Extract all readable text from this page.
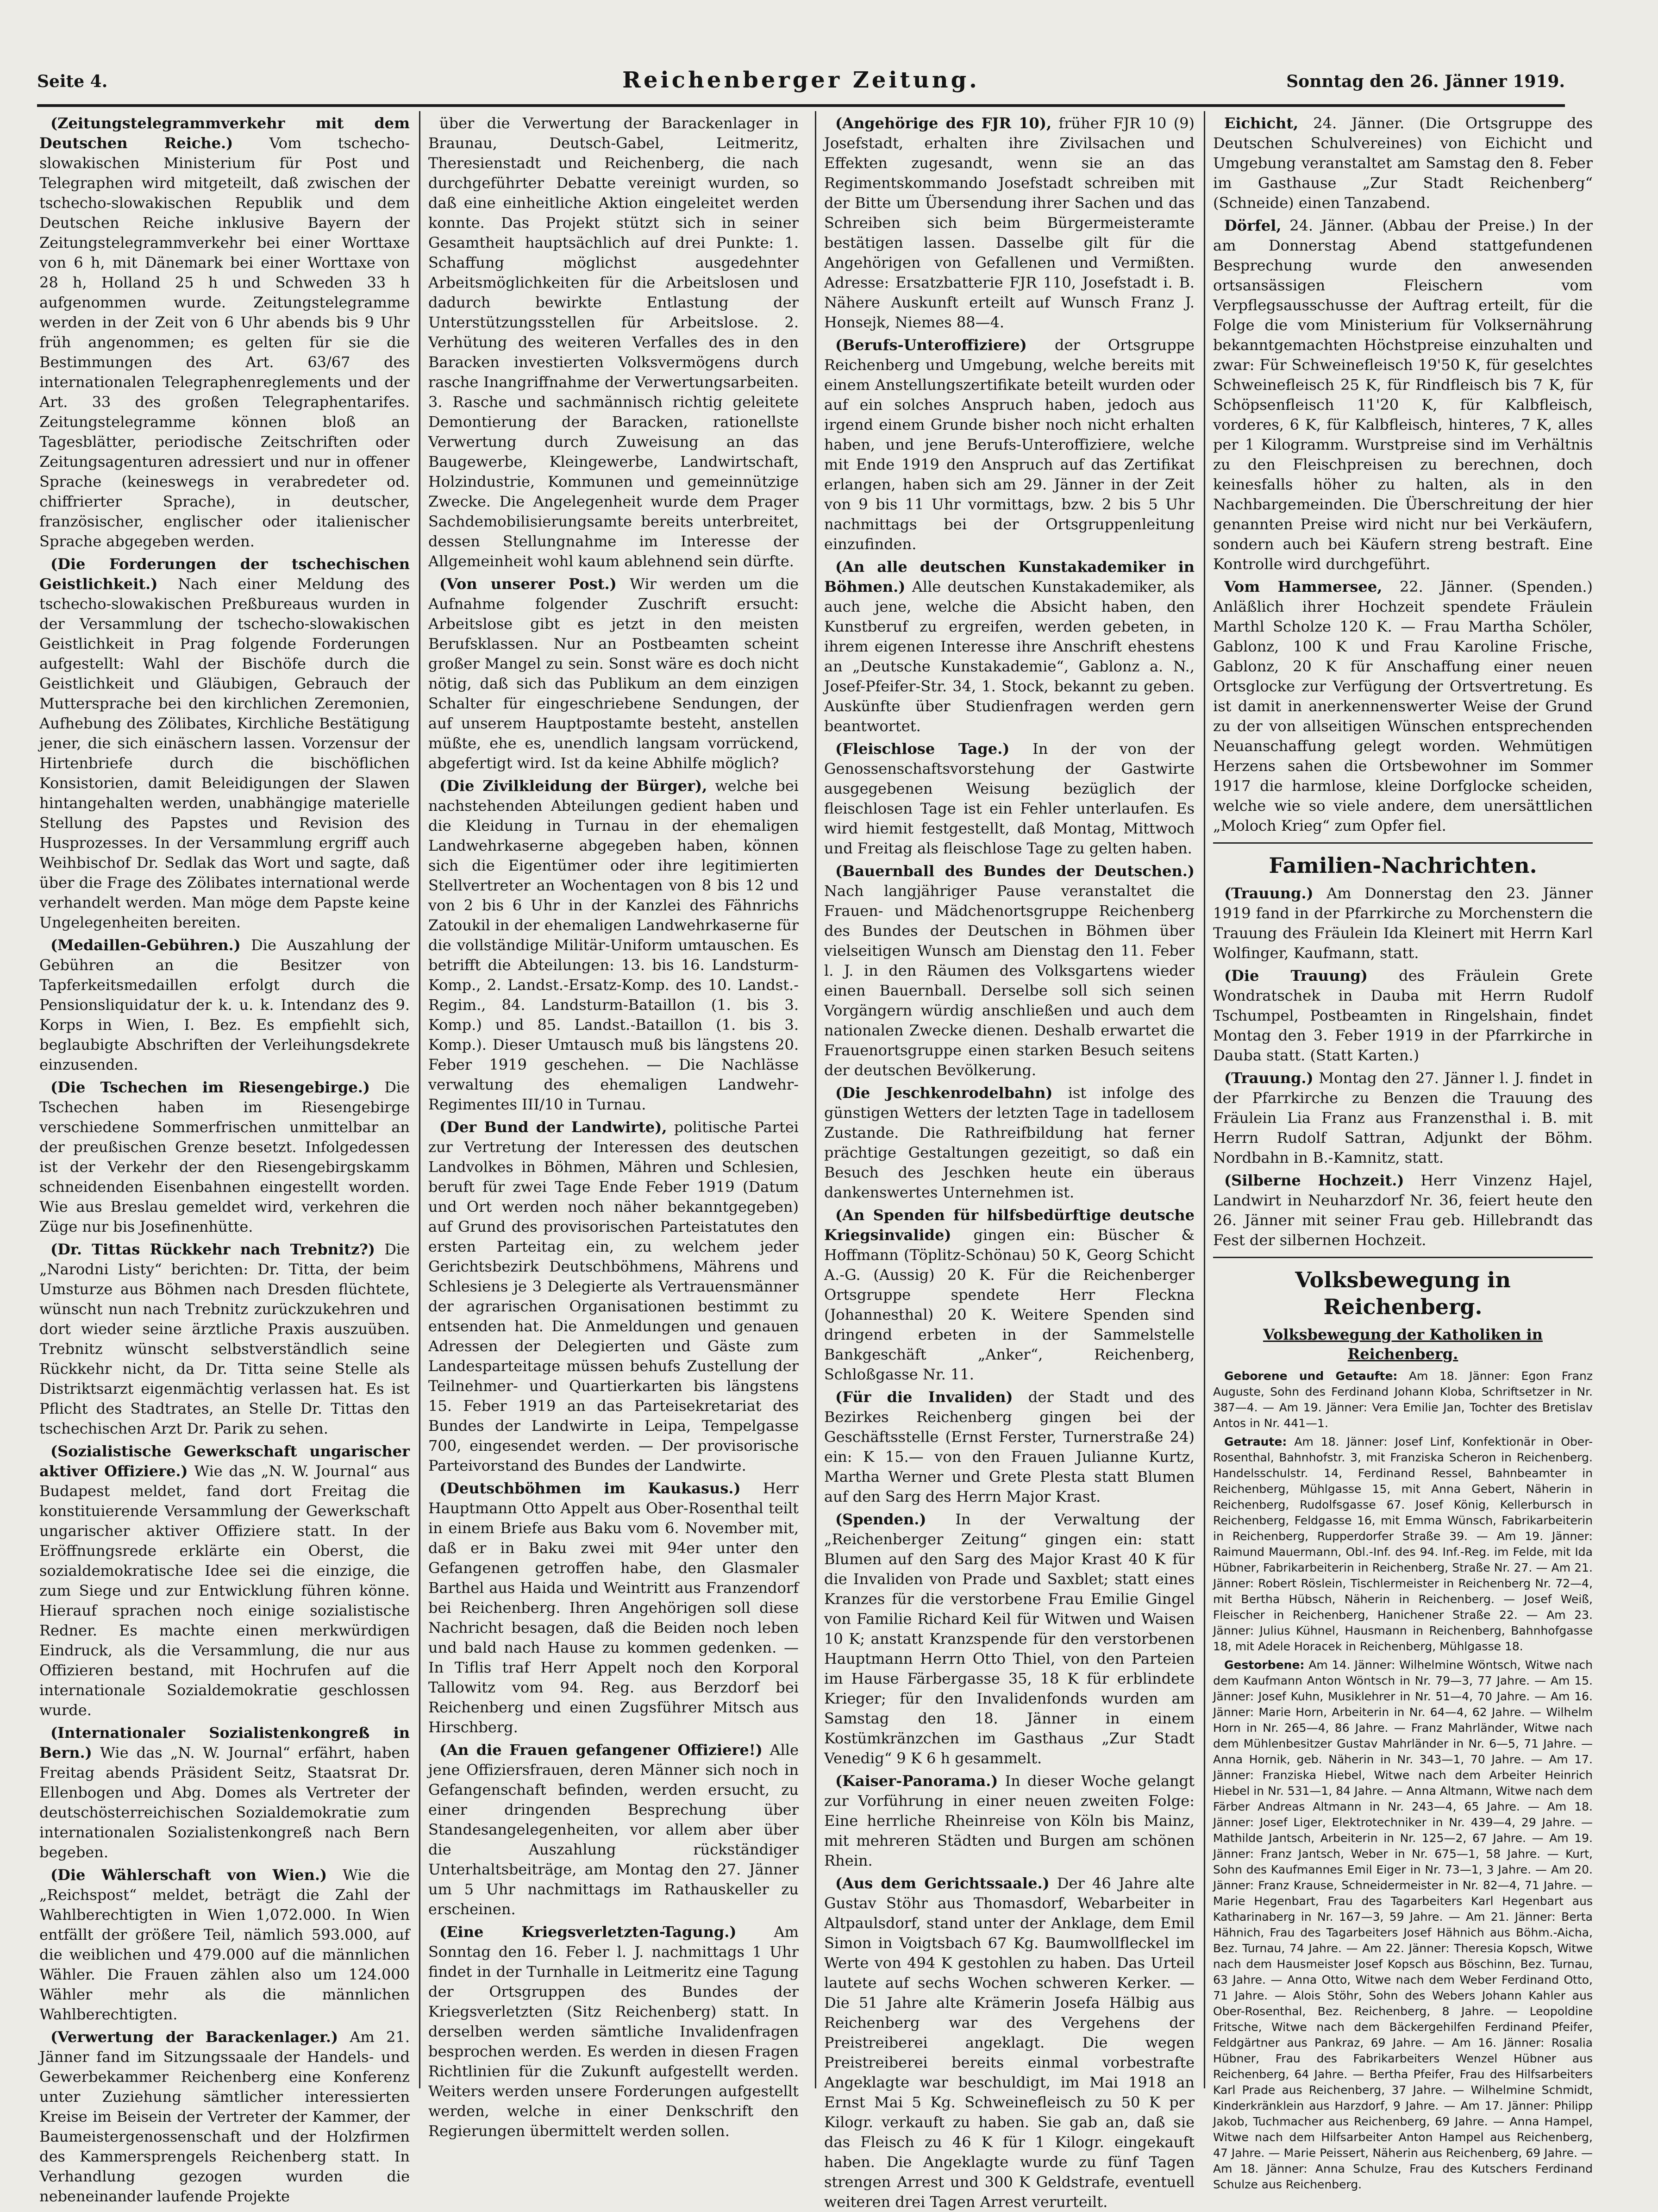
Seite 4.	Reichenberger Zeitung.	Sonntag den 26. Jänner 1919.

(Zeitungstelegrammverkehr mit dem Deutschen Reiche.) Vom tschecho-slowakischen Ministerium für Post und Telegraphen wird mitgeteilt, daß zwischen der tschecho-slowakischen Republik und dem Deutschen Reiche inklusive Bayern der Zeitungstelegrammverkehr bei einer Worttaxe von 6 h, mit Dänemark bei einer Worttaxe von 28 h, Holland 25 h und Schweden 33 h aufgenommen wurde. Zeitungstelegramme werden in der Zeit von 6 Uhr abends bis 9 Uhr früh angenommen; es gelten für sie die Bestimmungen des Art. 63/67 des internationalen Telegraphenreglements und der Art. 33 des großen Telegraphentarifes. Zeitungstelegramme können bloß an Tagesblätter, periodische Zeitschriften oder Zeitungsagenturen adressiert und nur in offener Sprache (keineswegs in verabredeter od. chiffrierter Sprache), in deutscher, französischer, englischer oder italienischer Sprache abgegeben werden.

(Die Forderungen der tschechischen Geistlichkeit.) Nach einer Meldung des tschecho-slowakischen Preßbureaus wurden in der Versammlung der tschecho-slowakischen Geistlichkeit in Prag folgende Forderungen aufgestellt: Wahl der Bischöfe durch die Geistlichkeit und Gläubigen, Gebrauch der Muttersprache bei den kirchlichen Zeremonien, Aufhebung des Zölibates, Kirchliche Bestätigung jener, die sich einäschern lassen. Vorzensur der Hirtenbriefe durch die bischöflichen Konsistorien, damit Beleidigungen der Slawen hintangehalten werden, unabhängige materielle Stellung des Papstes und Revision des Husprozesses. In der Versammlung ergriff auch Weihbischof Dr. Sedlak das Wort und sagte, daß über die Frage des Zölibates international werde verhandelt werden. Man möge dem Papste keine Ungelegenheiten bereiten.

(Medaillen-Gebühren.) Die Auszahlung der Gebühren an die Besitzer von Tapferkeitsmedaillen erfolgt durch die Pensionsliquidatur der k. u. k. Intendanz des 9. Korps in Wien, I. Bez. Es empfiehlt sich, beglaubigte Abschriften der Verleihungsdekrete einzusenden.

(Die Tschechen im Riesengebirge.) Die Tschechen haben im Riesengebirge verschiedene Sommerfrischen unmittelbar an der preußischen Grenze besetzt. Infolgedessen ist der Verkehr der den Riesengebirgskamm schneidenden Eisenbahnen eingestellt worden. Wie aus Breslau gemeldet wird, verkehren die Züge nur bis Josefinenhütte.

(Dr. Tittas Rückkehr nach Trebnitz?) Die „Narodni Listy“ berichten: Dr. Titta, der beim Umsturze aus Böhmen nach Dresden flüchtete, wünscht nun nach Trebnitz zurückzukehren und dort wieder seine ärztliche Praxis auszuüben. Trebnitz wünscht selbstverständlich seine Rückkehr nicht, da Dr. Titta seine Stelle als Distriktsarzt eigenmächtig verlassen hat. Es ist Pflicht des Stadtrates, an Stelle Dr. Tittas den tschechischen Arzt Dr. Parik zu sehen.

(Sozialistische Gewerkschaft ungarischer aktiver Offiziere.) Wie das „N. W. Journal“ aus Budapest meldet, fand dort Freitag die konstituierende Versammlung der Gewerkschaft ungarischer aktiver Offiziere statt. In der Eröffnungsrede erklärte ein Oberst, die sozialdemokratische Idee sei die einzige, die zum Siege und zur Entwicklung führen könne. Hierauf sprachen noch einige sozialistische Redner. Es machte einen merkwürdigen Eindruck, als die Versammlung, die nur aus Offizieren bestand, mit Hochrufen auf die internationale Sozialdemokratie geschlossen wurde.

(Internationaler Sozialistenkongreß in Bern.) Wie das „N. W. Journal“ erfährt, haben Freitag abends Präsident Seitz, Staatsrat Dr. Ellenbogen und Abg. Domes als Vertreter der deutschösterreichischen Sozialdemokratie zum internationalen Sozialistenkongreß nach Bern begeben.

(Die Wählerschaft von Wien.) Wie die „Reichspost“ meldet, beträgt die Zahl der Wahlberechtigten in Wien 1,072.000. In Wien entfällt der größere Teil, nämlich 593.000, auf die weiblichen und 479.000 auf die männlichen Wähler. Die Frauen zählen also um 124.000 Wähler mehr als die männlichen Wahlberechtigten.

(Verwertung der Barackenlager.) Am 21. Jänner fand im Sitzungssaale der Handels- und Gewerbekammer Reichenberg eine Konferenz unter Zuziehung sämtlicher interessierten Kreise im Beisein der Vertreter der Kammer, der Baumeistergenossenschaft und der Holzfirmen des Kammersprengels Reichenberg statt. In Verhandlung gezogen wurden die nebeneinander laufende Projekte

über die Verwertung der Barackenlager in Braunau, Deutsch-Gabel, Leitmeritz, Theresienstadt und Reichenberg, die nach durchgeführter Debatte vereinigt wurden, so daß eine einheitliche Aktion eingeleitet werden konnte. Das Projekt stützt sich in seiner Gesamtheit hauptsächlich auf drei Punkte: 1. Schaffung möglichst ausgedehnter Arbeitsmöglichkeiten für die Arbeitslosen und dadurch bewirkte Entlastung der Unterstützungsstellen für Arbeitslose. 2. Verhütung des weiteren Verfalles des in den Baracken investierten Volksvermögens durch rasche Inangriffnahme der Verwertungsarbeiten. 3. Rasche und sachmännisch richtig geleitete Demontierung der Baracken, rationellste Verwertung durch Zuweisung an das Baugewerbe, Kleingewerbe, Landwirtschaft, Holzindustrie, Kommunen und gemeinnützige Zwecke. Die Angelegenheit wurde dem Prager Sachdemobilisierungsamte bereits unterbreitet, dessen Stellungnahme im Interesse der Allgemeinheit wohl kaum ablehnend sein dürfte.

(Von unserer Post.) Wir werden um die Aufnahme folgender Zuschrift ersucht: Arbeitslose gibt es jetzt in den meisten Berufsklassen. Nur an Postbeamten scheint großer Mangel zu sein. Sonst wäre es doch nicht nötig, daß sich das Publikum an dem einzigen Schalter für eingeschriebene Sendungen, der auf unserem Hauptpostamte besteht, anstellen müßte, ehe es, unendlich langsam vorrückend, abgefertigt wird. Ist da keine Abhilfe möglich?

(Die Zivilkleidung der Bürger), welche bei nachstehenden Abteilungen gedient haben und die Kleidung in Turnau in der ehemaligen Landwehrkaserne abgegeben haben, können sich die Eigentümer oder ihre legitimierten Stellvertreter an Wochentagen von 8 bis 12 und von 2 bis 6 Uhr in der Kanzlei des Fähnrichs Zatoukil in der ehemaligen Landwehrkaserne für die vollständige Militär-Uniform umtauschen. Es betrifft die Abteilungen: 13. bis 16. Landsturm-Komp., 2. Landst.-Ersatz-Komp. des 10. Landst.-Regim., 84. Landsturm-Bataillon (1. bis 3. Komp.) und 85. Landst.-Bataillon (1. bis 3. Komp.). Dieser Umtausch muß bis längstens 20. Feber 1919 geschehen. — Die Nachlässe verwaltung des ehemaligen Landwehr-Regimentes III/10 in Turnau.

(Der Bund der Landwirte), politische Partei zur Vertretung der Interessen des deutschen Landvolkes in Böhmen, Mähren und Schlesien, beruft für zwei Tage Ende Feber 1919 (Datum und Ort werden noch näher bekanntgegeben) auf Grund des provisorischen Parteistatutes den ersten Parteitag ein, zu welchem jeder Gerichtsbezirk Deutschböhmens, Mährens und Schlesiens je 3 Delegierte als Vertrauensmänner der agrarischen Organisationen bestimmt zu entsenden hat. Die Anmeldungen und genauen Adressen der Delegierten und Gäste zum Landesparteitage müssen behufs Zustellung der Teilnehmer- und Quartierkarten bis längstens 15. Feber 1919 an das Parteisekretariat des Bundes der Landwirte in Leipa, Tempelgasse 700, eingesendet werden. — Der provisorische Parteivorstand des Bundes der Landwirte.

(Deutschböhmen im Kaukasus.) Herr Hauptmann Otto Appelt aus Ober-Rosenthal teilt in einem Briefe aus Baku vom 6. November mit, daß er in Baku zwei mit 94er unter den Gefangenen getroffen habe, den Glasmaler Barthel aus Haida und Weintritt aus Franzendorf bei Reichenberg. Ihren Angehörigen soll diese Nachricht besagen, daß die Beiden noch leben und bald nach Hause zu kommen gedenken. — In Tiflis traf Herr Appelt noch den Korporal Tallowitz vom 94. Reg. aus Berzdorf bei Reichenberg und einen Zugsführer Mitsch aus Hirschberg.

(An die Frauen gefangener Offiziere!) Alle jene Offiziersfrauen, deren Männer sich noch in Gefangenschaft befinden, werden ersucht, zu einer dringenden Besprechung über Standesangelegenheiten, vor allem aber über die Auszahlung rückständiger Unterhaltsbeiträge, am Montag den 27. Jänner um 5 Uhr nachmittags im Rathauskeller zu erscheinen.

(Eine Kriegsverletzten-Tagung.)	Am Sonntag den 16. Feber l. J. nachmittags 1 Uhr findet in der Turnhalle in Leitmeritz eine Tagung der Ortsgruppen des Bundes der Kriegsverletzten (Sitz Reichenberg) statt. In derselben werden sämtliche Invalidenfragen besprochen werden. Es werden in diesen Fragen Richtlinien für die Zukunft aufgestellt werden. Weiters werden unsere Forderungen aufgestellt werden, welche in einer Denkschrift den Regierungen übermittelt werden sollen.

(Angehörige des FJR 10), früher FJR 10 (9) Josefstadt, erhalten ihre Zivilsachen und Effekten zugesandt, wenn sie an das Regimentskommando Josefstadt schreiben mit der Bitte um Übersendung ihrer Sachen und das Schreiben sich beim Bürgermeisteramte bestätigen lassen. Dasselbe gilt für die Angehörigen von Gefallenen und Vermißten. Adresse: Ersatzbatterie FJR 110, Josefstadt i. B. Nähere Auskunft erteilt auf Wunsch Franz J. Honsejk, Niemes 88—4.

(Berufs-Unteroffiziere) der Ortsgruppe Reichenberg und Umgebung, welche bereits mit einem Anstellungszertifikate beteilt wurden oder auf ein solches Anspruch haben, jedoch aus irgend einem Grunde bisher noch nicht erhalten haben, und jene Berufs-Unteroffiziere, welche mit Ende 1919 den Anspruch auf das Zertifikat erlangen, haben sich am 29. Jänner in der Zeit von 9 bis 11 Uhr vormittags, bzw. 2 bis 5 Uhr nachmittags bei der Ortsgruppenleitung einzufinden.

(An alle deutschen Kunstakademiker in Böhmen.) Alle deutschen Kunstakademiker, als auch jene, welche die Absicht haben, den Kunstberuf zu ergreifen, werden gebeten, in ihrem eigenen Interesse ihre Anschrift ehestens an „Deutsche Kunstakademie“, Gablonz a. N., Josef-Pfeifer-Str. 34, 1. Stock, bekannt zu geben. Auskünfte über Studienfragen werden gern beantwortet.

(Fleischlose Tage.) In der von der Genossenschaftsvorstehung der Gastwirte ausgegebenen Weisung bezüglich der fleischlosen Tage ist ein Fehler unterlaufen. Es wird hiemit festgestellt, daß Montag, Mittwoch und Freitag als fleischlose Tage zu gelten haben.

(Bauernball des Bundes der Deutschen.) Nach langjähriger Pause veranstaltet die Frauen- und Mädchenortsgruppe Reichenberg des Bundes der Deutschen in Böhmen über vielseitigen Wunsch am Dienstag den 11. Feber l. J. in den Räumen des Volksgartens wieder einen Bauernball. Derselbe soll sich seinen Vorgängern würdig anschließen und auch dem nationalen Zwecke dienen. Deshalb erwartet die Frauenortsgruppe einen starken Besuch seitens der deutschen Bevölkerung.

(Die Jeschkenrodelbahn) ist infolge des günstigen Wetters der letzten Tage in tadellosem Zustande. Die Rathreifbildung hat ferner prächtige Gestaltungen gezeitigt, so daß ein Besuch des Jeschken heute ein überaus dankenswertes Unternehmen ist.

(An Spenden für hilfsbedürftige deutsche Kriegsinvalide) gingen ein: Büscher & Hoffmann (Töplitz-Schönau) 50 K, Georg Schicht A.-G. (Aussig) 20 K. Für die Reichenberger Ortsgruppe spendete Herr Fleckna (Johannesthal) 20 K. Weitere Spenden sind dringend erbeten in der Sammelstelle Bankgeschäft „Anker“, Reichenberg, Schloßgasse Nr. 11.

(Für die Invaliden) der Stadt und des Bezirkes Reichenberg gingen bei der Geschäftsstelle (Ernst Ferster, Turnerstraße 24) ein: K 15.— von den Frauen Julianne Kurtz, Martha Werner und Grete Plesta statt Blumen auf den Sarg des Herrn Major Krast.

(Spenden.) In der Verwaltung der „Reichenberger Zeitung“ gingen ein: statt Blumen auf den Sarg des Major Krast 40 K für die Invaliden von Prade und Saxblet; statt eines Kranzes für die verstorbene Frau Emilie Gingel von Familie Richard Keil für Witwen und Waisen 10 K; anstatt Kranzspende für den verstorbenen Hauptmann Herrn Otto Thiel, von den Parteien im Hause Färbergasse 35, 18 K für erblindete Krieger; für den Invalidenfonds wurden am Samstag den 18. Jänner in einem Kostümkränzchen im Gasthaus „Zur Stadt Venedig“ 9 K 6 h gesammelt.

(Kaiser-Panorama.) In dieser Woche gelangt zur Vorführung in einer neuen zweiten Folge: Eine herrliche Rheinreise von Köln bis Mainz, mit mehreren Städten und Burgen am schönen Rhein.

(Aus dem Gerichtssaale.) Der 46 Jahre alte Gustav Stöhr aus Thomasdorf, Webarbeiter in Altpaulsdorf, stand unter der Anklage, dem Emil Simon in Voigtsbach 67 Kg. Baumwollfleckel im Werte von 494 K gestohlen zu haben. Das Urteil lautete auf sechs Wochen schweren Kerker. — Die 51 Jahre alte Krämerin Josefa Hälbig aus Reichenberg war des Vergehens der Preistreiberei angeklagt. Die wegen Preistreiberei bereits einmal vorbestrafte Angeklagte war beschuldigt, im Mai 1918 an Ernst Mai 5 Kg. Schweinefleisch zu 50 K per Kilogr. verkauft zu haben. Sie gab an, daß sie das Fleisch zu 46 K für 1 Kilogr. eingekauft haben. Die Angeklagte wurde zu fünf Tagen strengen Arrest und 300 K Geldstrafe, eventuell weiteren drei Tagen Arrest verurteilt.

Eichicht, 24. Jänner. (Die Ortsgruppe des Deutschen Schulvereines) von Eichicht und Umgebung veranstaltet am Samstag den 8. Feber im Gasthause „Zur Stadt Reichenberg“ (Schneide) einen Tanzabend.

Dörfel, 24. Jänner. (Abbau der Preise.) In der am Donnerstag Abend stattgefundenen Besprechung wurde den anwesenden ortsansässigen Fleischern vom Verpflegsausschusse der Auftrag erteilt, für die Folge die vom Ministerium für Volksernährung bekanntgemachten Höchstpreise einzuhalten und zwar: Für Schweinefleisch 19'50 K, für geselchtes Schweinefleisch 25 K, für Rindfleisch bis 7 K, für Schöpsenfleisch 11'20 K, für Kalbfleisch, vorderes, 6 K, für Kalbfleisch, hinteres, 7 K, alles per 1 Kilogramm. Wurstpreise sind im Verhältnis zu den Fleischpreisen zu berechnen, doch keinesfalls höher zu halten, als in den Nachbargemeinden. Die Überschreitung der hier genannten Preise wird nicht nur bei Verkäufern, sondern auch bei Käufern streng bestraft. Eine Kontrolle wird durchgeführt.

Vom Hammersee, 22. Jänner. (Spenden.) Anläßlich ihrer Hochzeit spendete Fräulein Marthl Scholze 120 K. — Frau Martha Schöler, Gablonz, 100 K und Frau Karoline Frische, Gablonz, 20 K für Anschaffung einer neuen Ortsglocke zur Verfügung der Ortsvertretung. Es ist damit in anerkennenswerter Weise der Grund zu der von allseitigen Wünschen entsprechenden Neuanschaffung gelegt worden. Wehmütigen Herzens sahen die Ortsbewohner im Sommer 1917 die harmlose, kleine Dorfglocke scheiden, welche wie so viele andere, dem unersättlichen „Moloch Krieg“ zum Opfer fiel.

Familien-Nachrichten.

(Trauung.) Am Donnerstag den 23. Jänner 1919 fand in der Pfarrkirche zu Morchenstern die Trauung des Fräulein Ida Kleinert mit Herrn Karl Wolfinger, Kaufmann, statt.

(Die Trauung) des Fräulein Grete Wondratschek in Dauba mit Herrn Rudolf Tschumpel, Postbeamten in Ringelshain, findet Montag den 3. Feber 1919 in der Pfarrkirche in Dauba statt. (Statt Karten.)

(Trauung.) Montag den 27. Jänner l. J. findet in der Pfarrkirche zu Benzen die Trauung des Fräulein Lia Franz aus Franzensthal i. B. mit Herrn Rudolf Sattran, Adjunkt der Böhm. Nordbahn in B.-Kamnitz, statt.

(Silberne Hochzeit.) Herr Vinzenz Hajel, Landwirt in Neuharzdorf Nr. 36, feiert heute den 26. Jänner mit seiner Frau geb. Hillebrandt das Fest der silbernen Hochzeit.

Volksbewegung in Reichenberg.
Volksbewegung der Katholiken in Reichenberg.

Geborene und Getaufte: Am 18. Jänner: Egon Franz Auguste, Sohn des Ferdinand Johann Kloba, Schriftsetzer in Nr. 387—4. — Am 19. Jänner: Vera Emilie Jan, Tochter des Bretislav Antos in Nr. 441—1.

Getraute: Am 18. Jänner: Josef Linf, Konfektionär in Ober-Rosenthal, Bahnhofstr. 3, mit Franziska Scheron in Reichenberg. Handelsschulstr. 14, Ferdinand Ressel, Bahnbeamter in Reichenberg, Mühlgasse 15, mit Anna Gebert, Näherin in Reichenberg, Rudolfsgasse 67. Josef König, Kellerbursch in Reichenberg, Feldgasse 16, mit Emma Wünsch, Fabrikarbeiterin in Reichenberg, Rupperdorfer Straße 39. — Am 19. Jänner: Raimund Mauermann, Obl.-Inf. des 94. Inf.-Reg. im Felde, mit Ida Hübner, Fabrikarbeiterin in Reichenberg, Straße Nr. 27. — Am 21. Jänner: Robert Röslein, Tischlermeister in Reichenberg Nr. 72—4, mit Bertha Hübsch, Näherin in Reichenberg. — Josef Weiß, Fleischer in Reichenberg, Hanichener Straße 22. — Am 23. Jänner: Julius Kühnel, Hausmann in Reichenberg, Bahnhofgasse 18, mit Adele Horacek in Reichenberg, Mühlgasse 18.

Gestorbene: Am 14. Jänner: Wilhelmine Wöntsch, Witwe nach dem Kaufmann Anton Wöntsch in Nr. 79—3, 77 Jahre. — Am 15. Jänner: Josef Kuhn, Musiklehrer in Nr. 51—4, 70 Jahre. — Am 16. Jänner: Marie Horn, Arbeiterin in Nr. 64—4, 62 Jahre. — Wilhelm Horn in Nr. 265—4, 86 Jahre. — Franz Mahrländer, Witwe nach dem Mühlenbesitzer Gustav Mahrländer in Nr. 6—5, 71 Jahre. — Anna Hornik, geb. Näherin in Nr. 343—1, 70 Jahre. — Am 17. Jänner: Franziska Hiebel, Witwe nach dem Arbeiter Heinrich Hiebel in Nr. 531—1, 84 Jahre. — Anna Altmann, Witwe nach dem Färber Andreas Altmann in Nr. 243—4, 65 Jahre. — Am 18. Jänner: Josef Liger, Elektrotechniker in Nr. 439—4, 29 Jahre. — Mathilde Jantsch, Arbeiterin in Nr. 125—2, 67 Jahre. — Am 19. Jänner: Franz Jantsch, Weber in Nr. 675—1, 58 Jahre. — Kurt, Sohn des Kaufmannes Emil Eiger in Nr. 73—1, 3 Jahre. — Am 20. Jänner: Franz Krause, Schneidermeister in Nr. 82—4, 71 Jahre. — Marie Hegenbart, Frau des Tagarbeiters Karl Hegenbart aus Katharinaberg in Nr. 167—3, 59 Jahre. — Am 21. Jänner: Berta Hähnich, Frau des Tagarbeiters Josef Hähnich aus Böhm.-Aicha, Bez. Turnau, 74 Jahre. — Am 22. Jänner: Theresia Kopsch, Witwe nach dem Hausmeister Josef Kopsch aus Böschinn, Bez. Turnau, 63 Jahre. — Anna Otto, Witwe nach dem Weber Ferdinand Otto, 71 Jahre. — Alois Stöhr, Sohn des Webers Johann Kahler aus Ober-Rosenthal, Bez. Reichenberg, 8 Jahre. — Leopoldine Fritsche, Witwe nach dem Bäckergehilfen Ferdinand Pfeifer, Feldgärtner aus Pankraz, 69 Jahre. — Am 16. Jänner: Rosalia Hübner, Frau des Fabrikarbeiters Wenzel Hübner aus Reichenberg, 64 Jahre. — Bertha Pfeifer, Frau des Hilfsarbeiters Karl Prade aus Reichenberg, 37 Jahre. — Wilhelmine Schmidt, Kinderkränklein aus Harzdorf, 9 Jahre. — Am 17. Jänner: Philipp Jakob, Tuchmacher aus Reichenberg, 69 Jahre. — Anna Hampel, Witwe nach dem Hilfsarbeiter Anton Hampel aus Reichenberg, 47 Jahre. — Marie Peissert, Näherin aus Reichenberg, 69 Jahre. — Am 18. Jänner: Anna Schulze, Frau des Kutschers Ferdinand Schulze aus Reichenberg.
